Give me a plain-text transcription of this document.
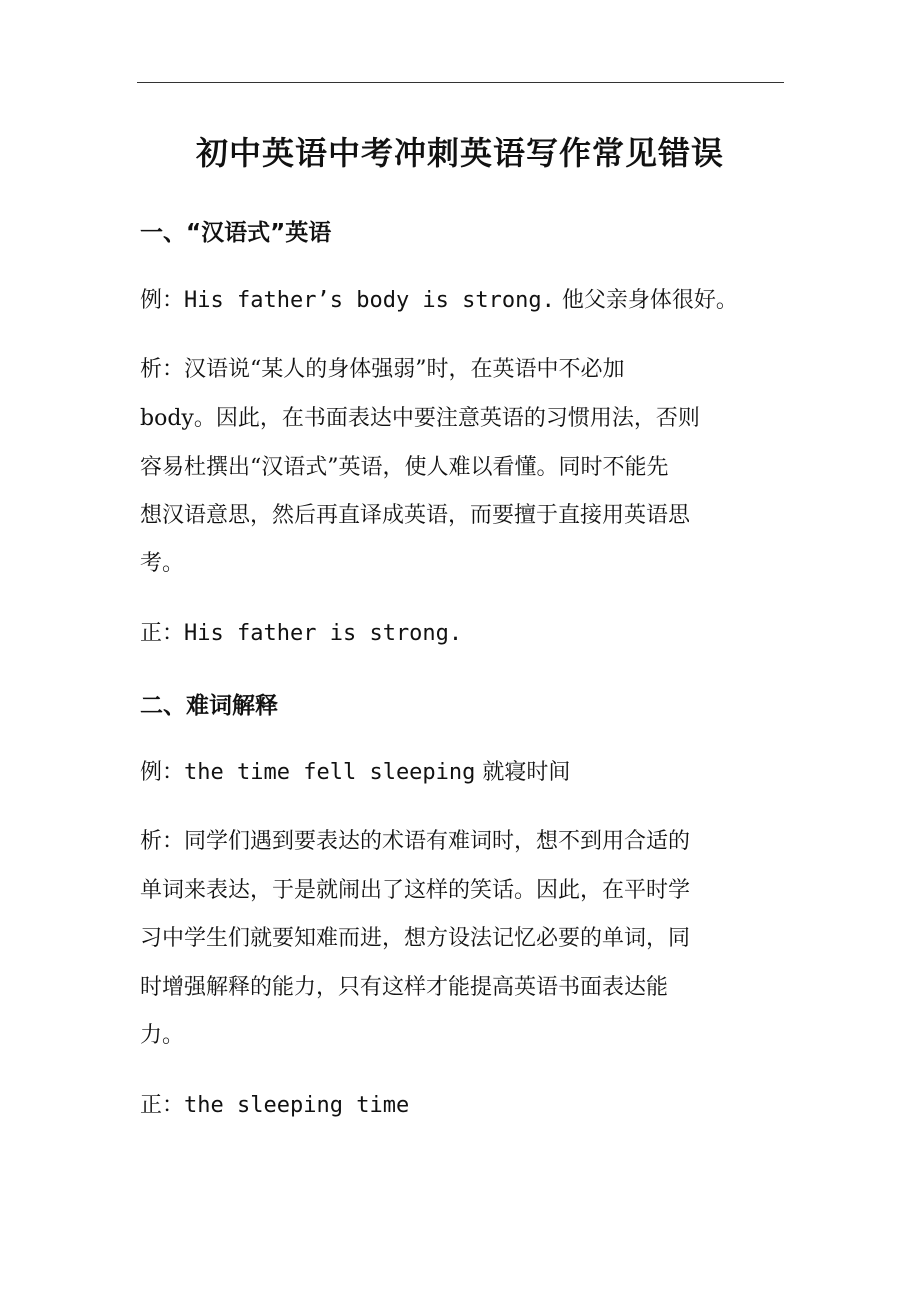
初中英语中考冲刺英语写作常见错误
一、“汉语式”英语

例：His father’s body is strong. 他父亲身体很好。

析：汉语说“某人的身体强弱”时，在英语中不必加

body。因此，在书面表达中要注意英语的习惯用法，否则

容易杜撰出“汉语式”英语，使人难以看懂。同时不能先

想汉语意思，然后再直译成英语，而要擅于直接用英语思

考。

正：His father is strong.

二、难词解释

例：the time fell sleeping 就寝时间

析：同学们遇到要表达的术语有难词时，想不到用合适的

单词来表达，于是就闹出了这样的笑话。因此，在平时学

习中学生们就要知难而进，想方设法记忆必要的单词，同

时增强解释的能力，只有这样才能提高英语书面表达能

力。

正：the sleeping time
